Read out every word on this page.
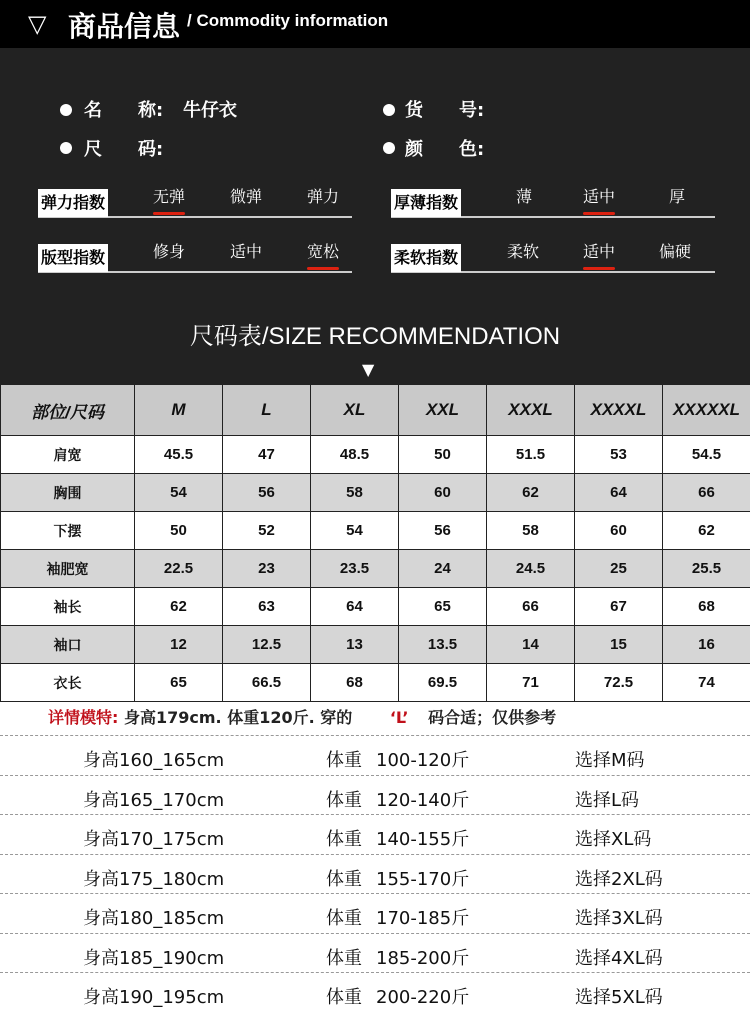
▽ 商品信息 / Commodity information
名　　称: 牛仔衣	货　　号:
尺　　码:	颜　　色:
弹力指数	无弹	微弹	弹力	厚薄指数	薄	适中	厚
版型指数	修身	适中	宽松	柔软指数	柔软	适中	偏硬
尺码表/SIZE RECOMMENDATION
▼
部位/尺码	M	L	XL	XXL	XXXL	XXXXL	XXXXXL
肩宽	45.5	47	48.5	50	51.5	53	54.5
胸围	54	56	58	60	62	64	66
下摆	50	52	54	56	58	60	62
袖肥宽	22.5	23	23.5	24	24.5	25	25.5
袖长	62	63	64	65	66	67	68
袖口	12	12.5	13	13.5	14	15	16
衣长	65	66.5	68	69.5	71	72.5	74
详情模特: 身高179cm. 体重120斤. 穿的 ‘L’ 码合适；仅供参考
身高160_165cm	体重 100-120斤	选择M码
身高165_170cm	体重 120-140斤	选择L码
身高170_175cm	体重 140-155斤	选择XL码
身高175_180cm	体重 155-170斤	选择2XL码
身高180_185cm	体重 170-185斤	选择3XL码
身高185_190cm	体重 185-200斤	选择4XL码
身高190_195cm	体重 200-220斤	选择5XL码
